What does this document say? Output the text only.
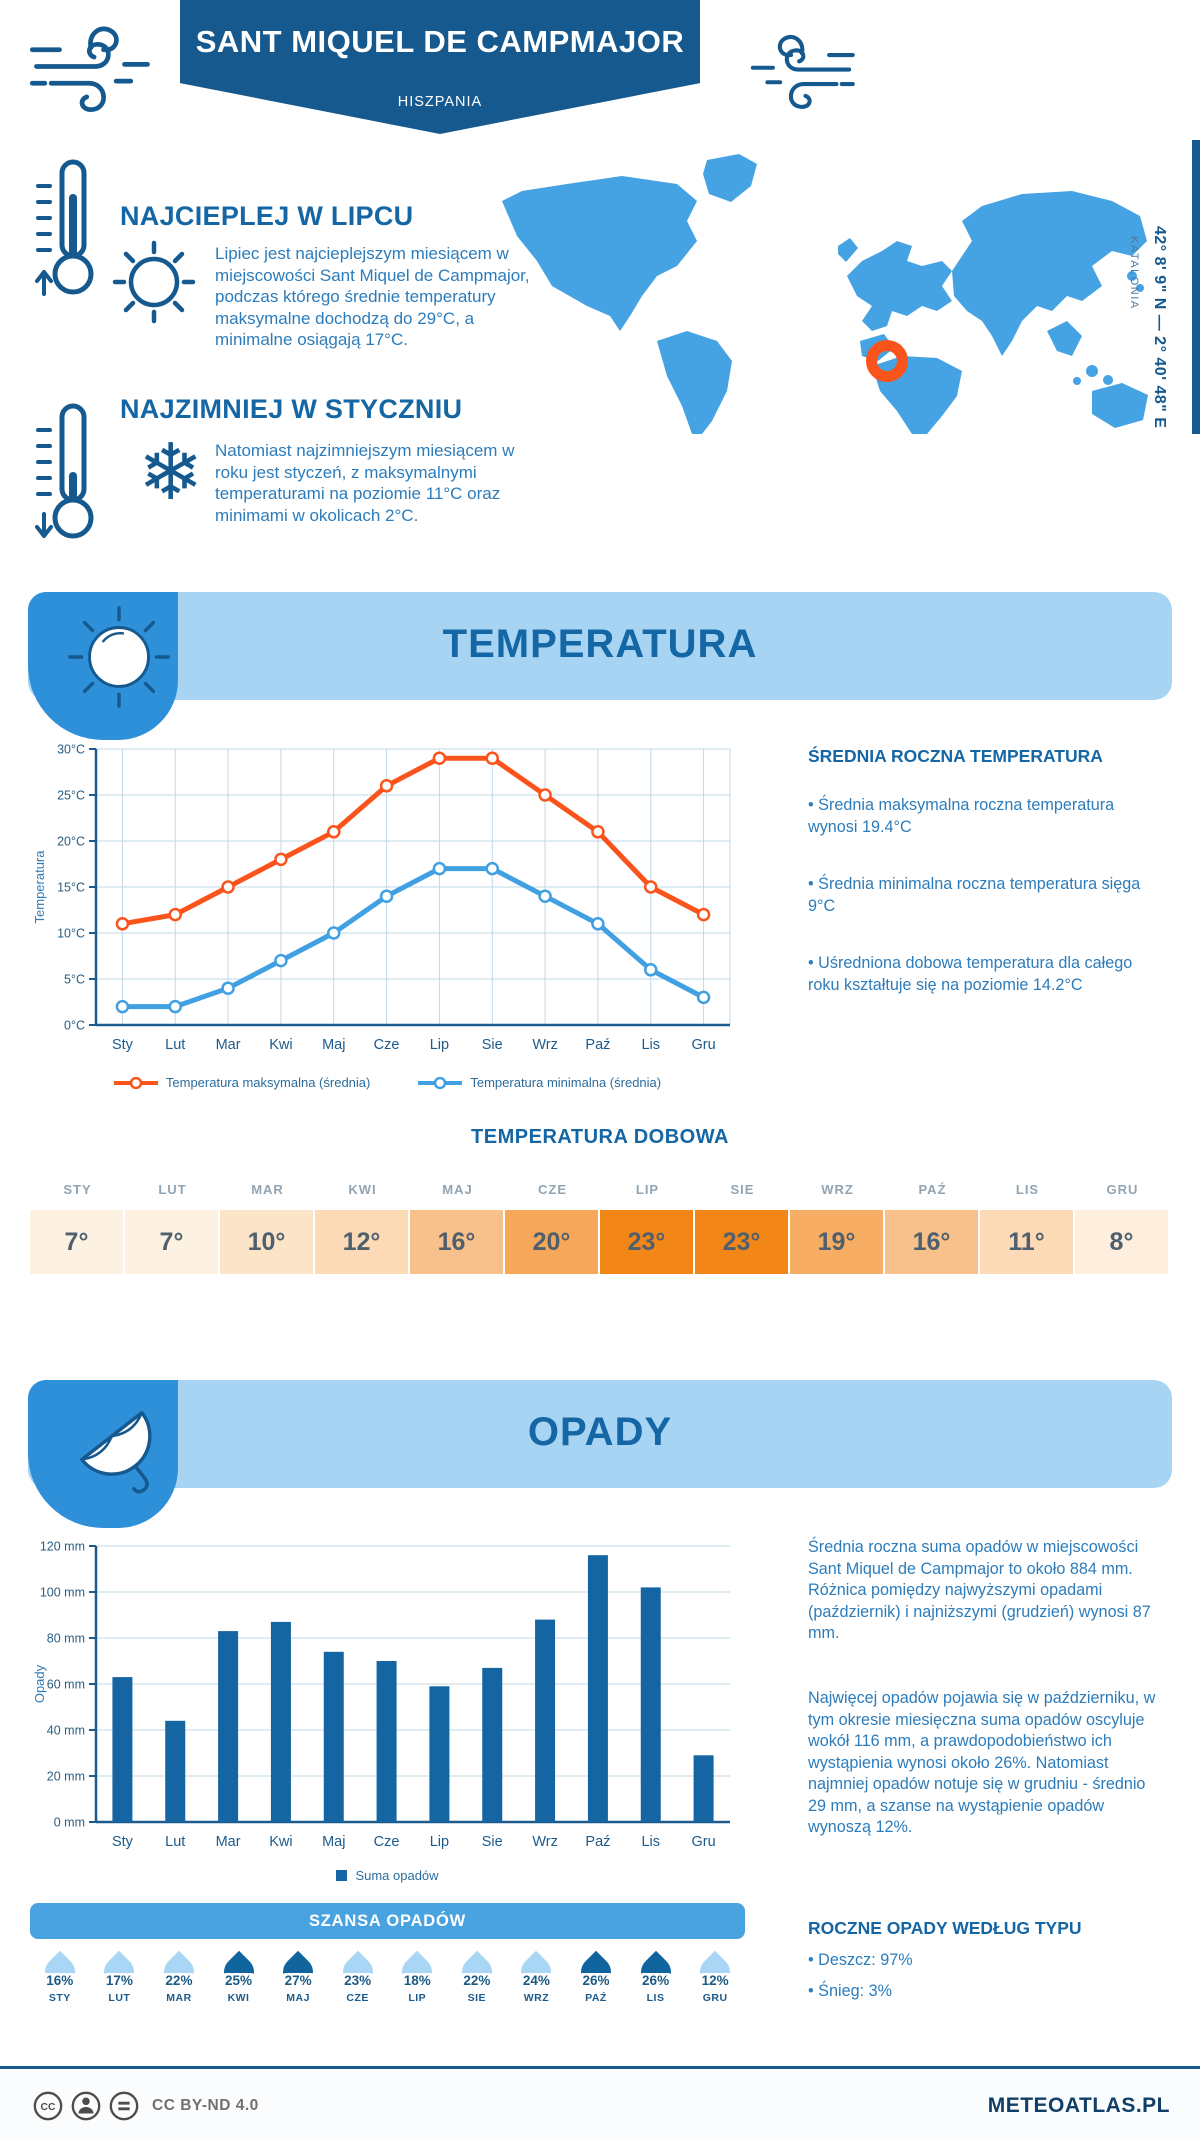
SANT MIQUEL DE CAMPMAJOR
HISZPANIA
NAJCIEPLEJ W LIPCU
Lipiec jest najcieplejszym miesiącem w miejscowości Sant Miquel de Campmajor, podczas którego średnie temperatury maksymalne dochodzą do 29°C, a minimalne osiągają 17°C.
NAJZIMNIEJ W STYCZNIU
❄ Natomiast najzimniejszym miesiącem w roku jest styczeń, z maksymalnymi temperaturami na poziomie 11°C oraz minimami w okolicach 2°C.
42° 8' 9" N — 2° 40' 48" E
KATALONIA
TEMPERATURA
30°C
25°C
20°C
15°C
10°C
5°C
0°C
Sty Lut Mar Kwi Maj Cze Lip Sie Wrz Paź Lis Gru
Temperatura
Temperatura maksymalna (średnia)	Temperatura minimalna (średnia)
ŚREDNIA ROCZNA TEMPERATURA
• Średnia maksymalna roczna temperatura wynosi 19.4°C
• Średnia minimalna roczna temperatura sięga 9°C
• Uśredniona dobowa temperatura dla całego roku kształtuje się na poziomie 14.2°C
TEMPERATURA DOBOWA
STY	LUT	MAR	KWI	MAJ	CZE	LIP	SIE	WRZ	PAŹ	LIS	GRU
7°	7°	10°	12°	16°	20°	23°	23°	19°	16°	11°	8°
OPADY
120 mm
100 mm
80 mm
60 mm
40 mm
20 mm
0 mm
Sty Lut Mar Kwi Maj Cze Lip Sie Wrz Paź Lis Gru
Opady
Suma opadów
Średnia roczna suma opadów w miejscowości Sant Miquel de Campmajor to około 884 mm. Różnica pomiędzy najwyższymi opadami (październik) i najniższymi (grudzień) wynosi 87 mm.
Najwięcej opadów pojawia się w październiku, w tym okresie miesięczna suma opadów oscyluje wokół 116 mm, a prawdopodobieństwo ich wystąpienia wynosi około 26%. Natomiast najmniej opadów notuje się w grudniu - średnio 29 mm, a szanse na wystąpienie opadów wynoszą 12%.
ROCZNE OPADY WEDŁUG TYPU
• Deszcz: 97%
• Śnieg: 3%
SZANSA OPADÓW
16%
STY
17%
LUT
22%
MAR
25%
KWI
27%
MAJ
23%
CZE
18%
LIP
22%
SIE
24%
WRZ
26%
PAŹ
26%
LIS
12%
GRU
CC	CC BY-ND 4.0	METEOATLAS.PL
